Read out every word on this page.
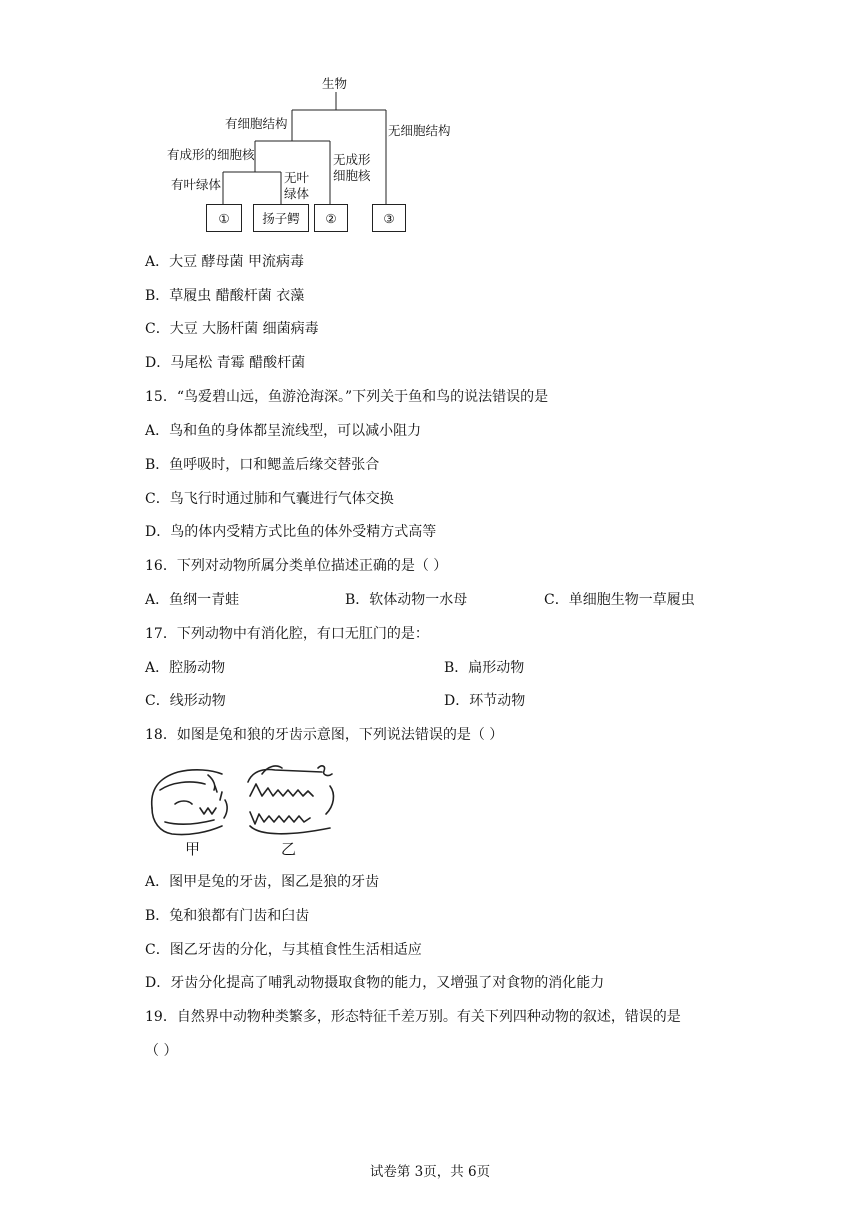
生物
有细胞结构	无细胞结构
有成形的细胞核	无成形
细胞核
有叶绿体	无叶
绿体
①	扬子鳄	②	③
A．大豆 酵母菌 甲流病毒
B．草履虫 醋酸杆菌 衣藻
C．大豆 大肠杆菌 细菌病毒
D．马尾松 青霉 醋酸杆菌
15．“鸟爱碧山远，鱼游沧海深。”下列关于鱼和鸟的说法错误的是
A．鸟和鱼的身体都呈流线型，可以减小阻力
B．鱼呼吸时，口和鳃盖后缘交替张合
C．鸟飞行时通过肺和气囊进行气体交换
D．鸟的体内受精方式比鱼的体外受精方式高等
16．下列对动物所属分类单位描述正确的是（ ）
A．鱼纲一青蛙	B．软体动物一水母	C．单细胞生物一草履虫
17．下列动物中有消化腔，有口无肛门的是：
A．腔肠动物	B．扁形动物
C．线形动物	D．环节动物
18．如图是兔和狼的牙齿示意图，下列说法错误的是（ ）
甲	乙
A．图甲是兔的牙齿，图乙是狼的牙齿
B．兔和狼都有门齿和臼齿
C．图乙牙齿的分化，与其植食性生活相适应
D．牙齿分化提高了哺乳动物摄取食物的能力，又增强了对食物的消化能力
19．自然界中动物种类繁多，形态特征千差万别。有关下列四种动物的叙述，错误的是
（ ）
试卷第 3页，共 6页
